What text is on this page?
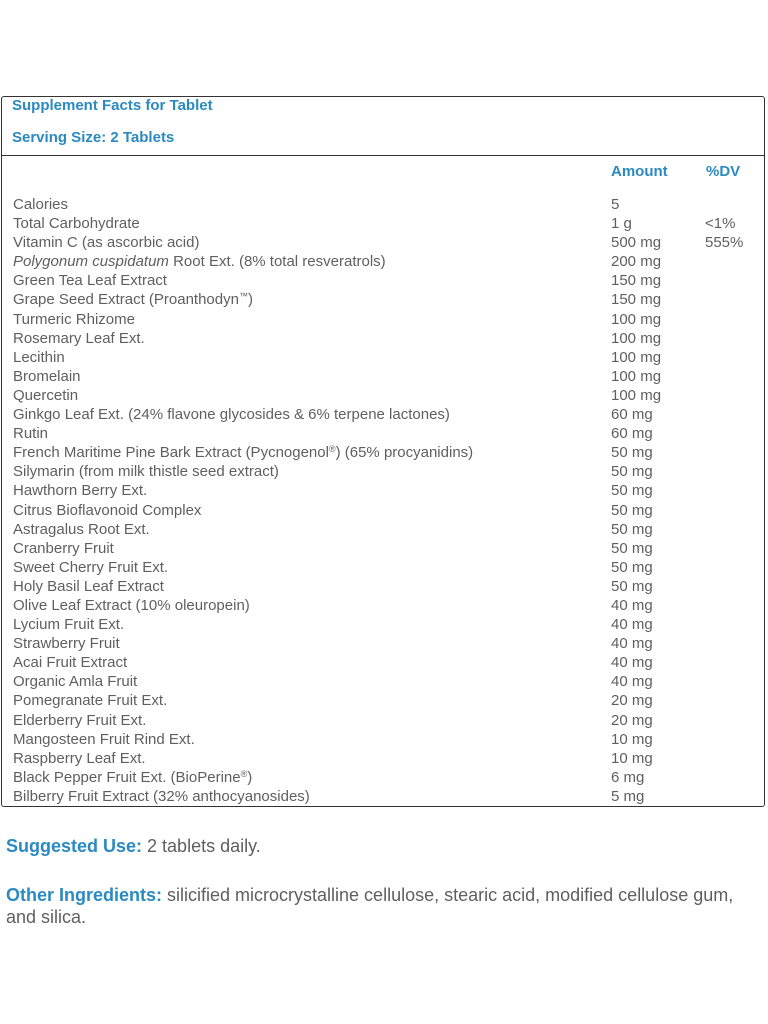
Supplement Facts for Tablet
Serving Size: 2 Tablets
Amount	%DV
Calories	5
Total Carbohydrate	1 g	<1%
Vitamin C (as ascorbic acid)	500 mg	555%
Polygonum cuspidatum Root Ext. (8% total resveratrols)	200 mg
Green Tea Leaf Extract	150 mg
Grape Seed Extract (Proanthodyn™)	150 mg
Turmeric Rhizome	100 mg
Rosemary Leaf Ext.	100 mg
Lecithin	100 mg
Bromelain	100 mg
Quercetin	100 mg
Ginkgo Leaf Ext. (24% flavone glycosides & 6% terpene lactones)	60 mg
Rutin	60 mg
French Maritime Pine Bark Extract (Pycnogenol®) (65% procyanidins)	50 mg
Silymarin (from milk thistle seed extract)	50 mg
Hawthorn Berry Ext.	50 mg
Citrus Bioflavonoid Complex	50 mg
Astragalus Root Ext.	50 mg
Cranberry Fruit	50 mg
Sweet Cherry Fruit Ext.	50 mg
Holy Basil Leaf Extract	50 mg
Olive Leaf Extract (10% oleuropein)	40 mg
Lycium Fruit Ext.	40 mg
Strawberry Fruit	40 mg
Acai Fruit Extract	40 mg
Organic Amla Fruit	40 mg
Pomegranate Fruit Ext.	20 mg
Elderberry Fruit Ext.	20 mg
Mangosteen Fruit Rind Ext.	10 mg
Raspberry Leaf Ext.	10 mg
Black Pepper Fruit Ext. (BioPerine®)	6 mg
Bilberry Fruit Extract (32% anthocyanosides)	5 mg
Suggested Use: 2 tablets daily.
Other Ingredients: silicified microcrystalline cellulose, stearic acid, modified cellulose gum, and silica.
